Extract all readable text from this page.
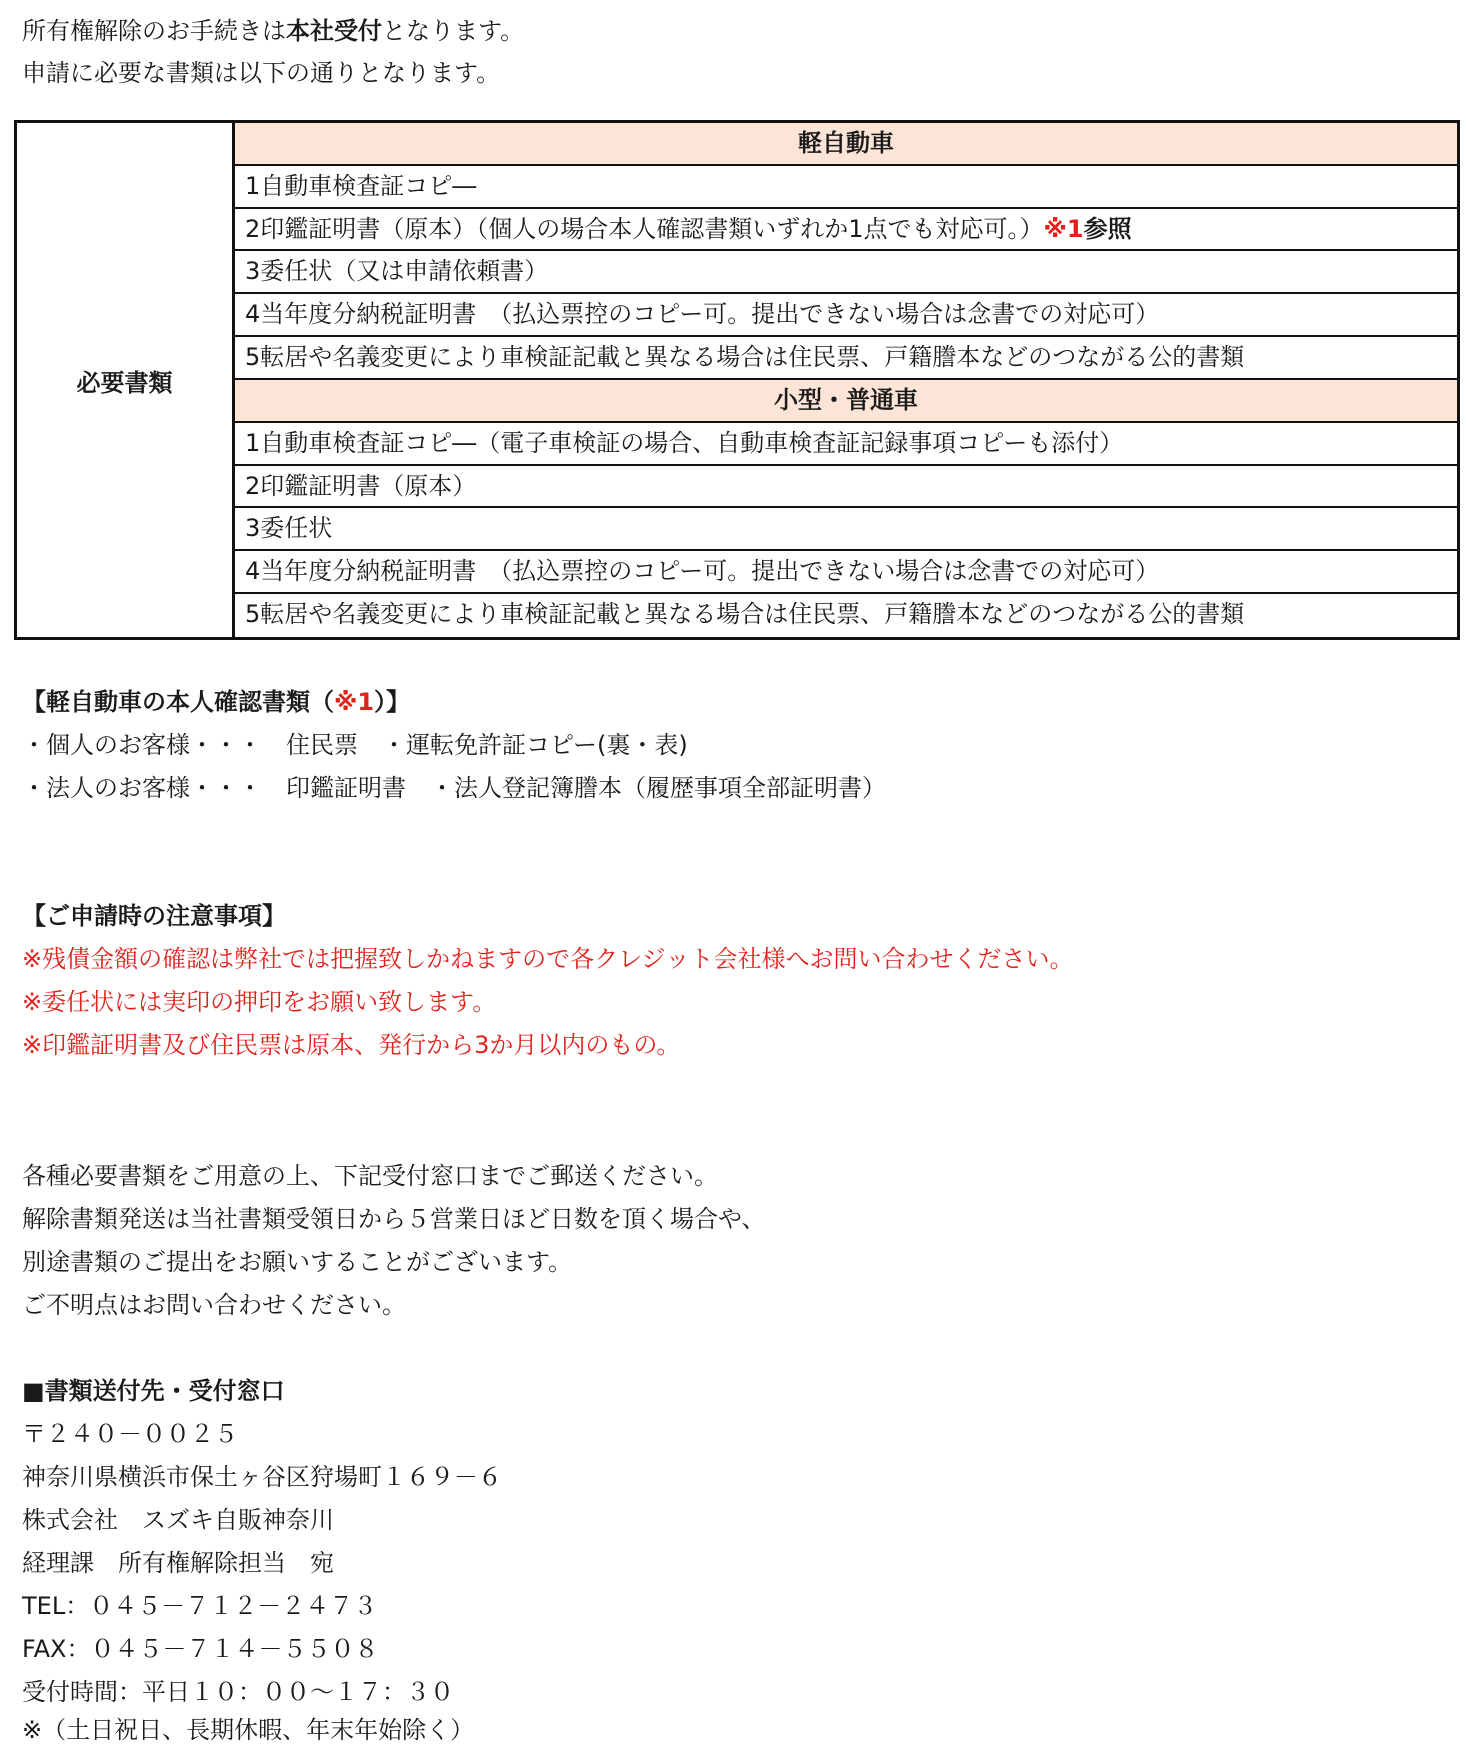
所有権解除のお手続きは本社受付となります。
申請に必要な書類は以下の通りとなります。
必要書類
軽自動車
1自動車検査証コピ―
2印鑑証明書（原本）（個人の場合本人確認書類いずれか1点でも対応可。）※1参照
3委任状（又は申請依頼書）
4当年度分納税証明書　（払込票控のコピー可。提出できない場合は念書での対応可）
5転居や名義変更により車検証記載と異なる場合は住民票、戸籍謄本などのつながる公的書類
小型・普通車
1自動車検査証コピ―（電子車検証の場合、自動車検査証記録事項コピーも添付）
2印鑑証明書（原本）
3委任状
4当年度分納税証明書　（払込票控のコピー可。提出できない場合は念書での対応可）
5転居や名義変更により車検証記載と異なる場合は住民票、戸籍謄本などのつながる公的書類
【軽自動車の本人確認書類（※1）】
・個人のお客様・・・　住民票　・運転免許証コピー(裏・表)
・法人のお客様・・・　印鑑証明書　・法人登記簿謄本（履歴事項全部証明書）
【ご申請時の注意事項】
※残債金額の確認は弊社では把握致しかねますので各クレジット会社様へお問い合わせください。
※委任状には実印の押印をお願い致します。
※印鑑証明書及び住民票は原本、発行から3か月以内のもの。
各種必要書類をご用意の上、下記受付窓口までご郵送ください。
解除書類発送は当社書類受領日から５営業日ほど日数を頂く場合や、
別途書類のご提出をお願いすることがございます。
ご不明点はお問い合わせください。
■書類送付先・受付窓口
〒２４０－００２５
神奈川県横浜市保土ヶ谷区狩場町１６９－６
株式会社　スズキ自販神奈川
経理課　所有権解除担当　宛
TEL：０４５－７１２－２４７３
FAX：０４５－７１４－５５０８
受付時間：平日１０：００～１７：３０
※（土日祝日、長期休暇、年末年始除く）
